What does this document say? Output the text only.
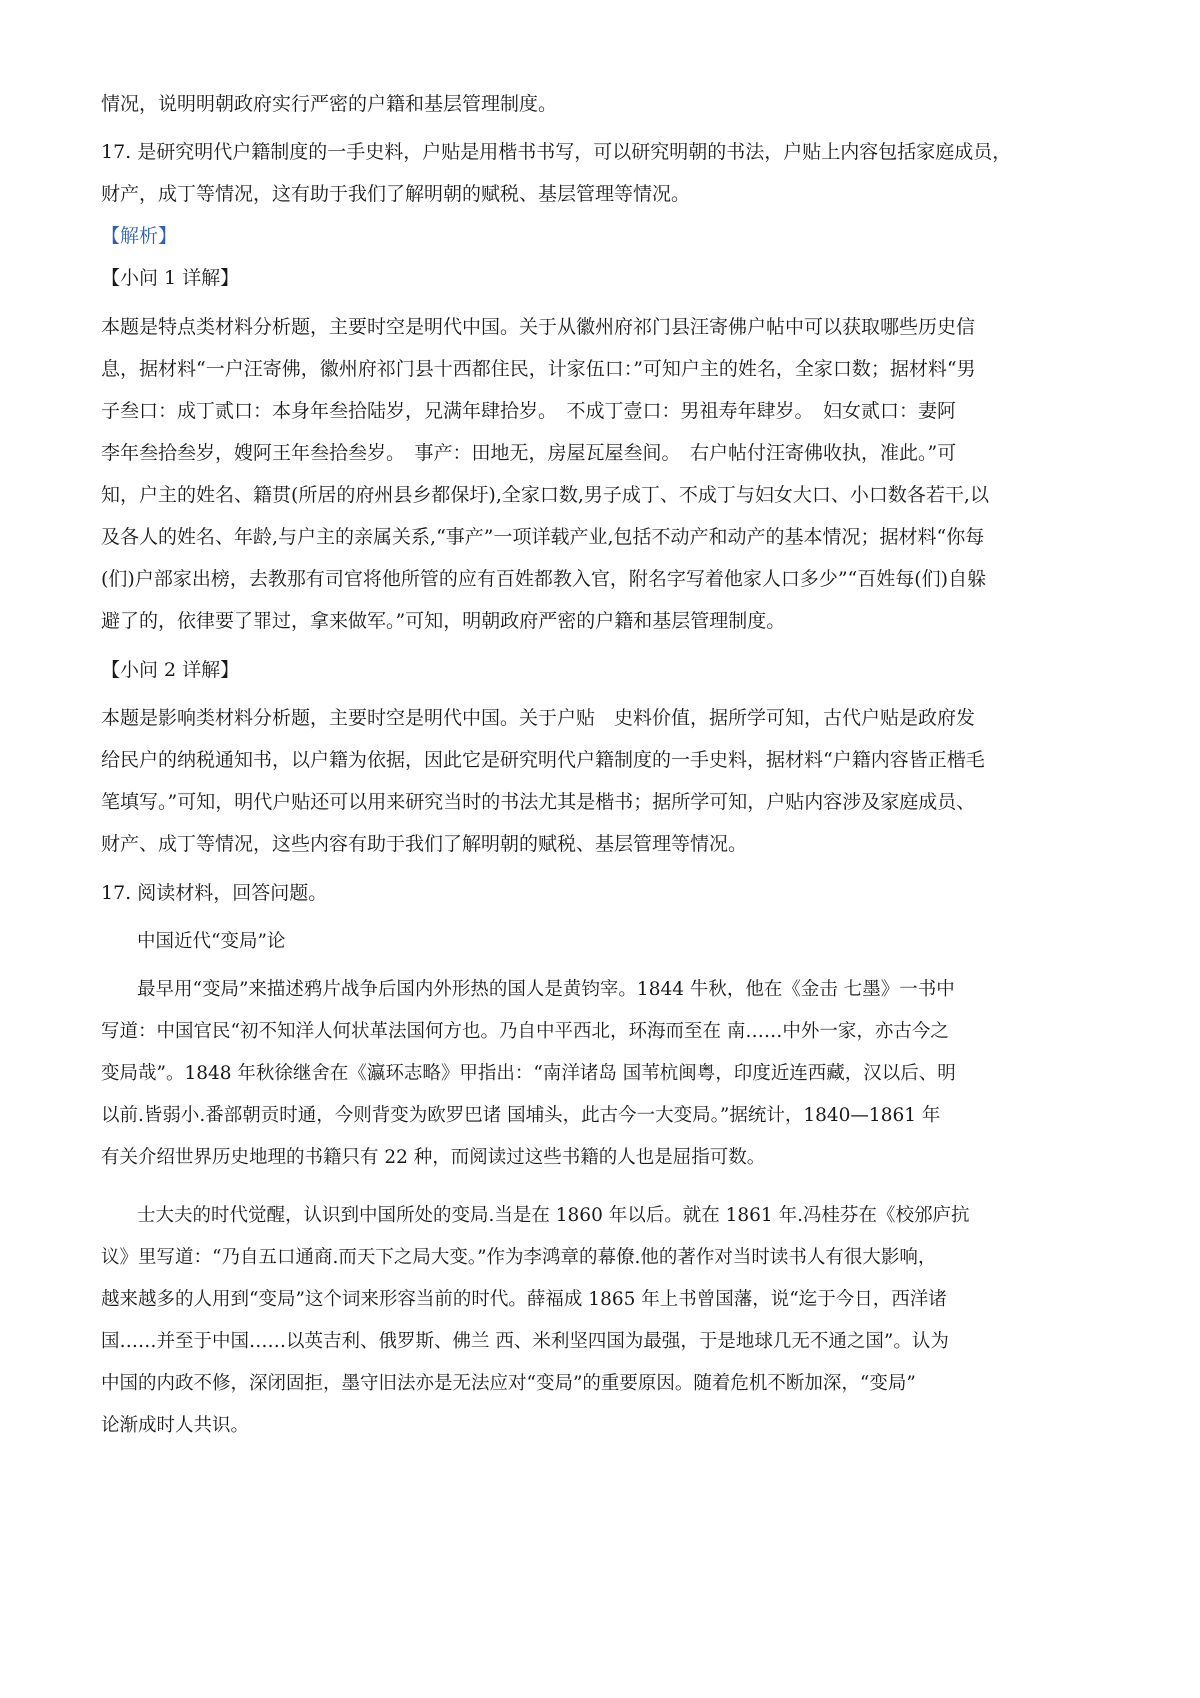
情况，说明明朝政府实行严密的户籍和基层管理制度。
17. 是研究明代户籍制度的一手史料，户贴是用楷书书写，可以研究明朝的书法，户贴上内容包括家庭成员，
财产，成丁等情况，这有助于我们了解明朝的赋税、基层管理等情况。
【解析】
【小问 1 详解】
本题是特点类材料分析题，主要时空是明代中国。关于从徽州府祁门县汪寄佛户帖中可以获取哪些历史信
息，据材料“一户汪寄佛，徽州府祁门县十西都住民，计家伍口：”可知户主的姓名，全家口数；据材料“男
子叁口：成丁贰口：本身年叁拾陆岁，兄满年肆拾岁。　不成丁壹口：男祖寿年肆岁。　妇女贰口：妻阿
李年叁拾叁岁，嫂阿王年叁拾叁岁。　事产：田地无，房屋瓦屋叁间。　右户帖付汪寄佛收执，准此。”可
知，户主的姓名、籍贯(所居的府州县乡都保圩),全家口数,男子成丁、不成丁与妇女大口、小口数各若干,以
及各人的姓名、年龄,与户主的亲属关系,“事产”一项详载产业,包括不动产和动产的基本情况；据材料“你每
(们)户部家出榜，去教那有司官将他所管的应有百姓都教入官，附名字写着他家人口多少”“百姓每(们)自躲
避了的，依律要了罪过，拿来做军。”可知，明朝政府严密的户籍和基层管理制度。
【小问 2 详解】
本题是影响类材料分析题，主要时空是明代中国。关于户贴　史料价值，据所学可知，古代户贴是政府发
给民户的纳税通知书，以户籍为依据，因此它是研究明代户籍制度的一手史料，据材料“户籍内容皆正楷毛
笔填写。”可知，明代户贴还可以用来研究当时的书法尤其是楷书；据所学可知，户贴内容涉及家庭成员、
财产、成丁等情况，这些内容有助于我们了解明朝的赋税、基层管理等情况。
17. 阅读材料，回答问题。
中国近代“变局”论
最早用“变局”来描述鸦片战争后国内外形热的国人是黄钧宰。1844 牛秋，他在《金击 七墨》一书中
写道：中国官民“初不知洋人何状革法国何方也。乃自中平西北，环海而至在 南……中外一家，亦古今之
变局哉”。1848 年秋徐继舍在《瀛环志略》甲指出：“南洋诸岛 国苇杭闽粤，印度近连西藏，汉以后、明
以前.皆弱小.番部朝贡时通，今则背变为欧罗巴诸 国埔头，此古今一大变局。”据统计，1840—1861 年
有关介绍世界历史地理的书籍只有 22 种，而阅读过这些书籍的人也是屈指可数。
士大夫的时代觉醒，认识到中国所处的变局.当是在 1860 年以后。就在 1861 年.冯桂芬在《校邠庐抗
议》里写道：“乃自五口通商.而天下之局大变。”作为李鸿章的幕僚.他的著作对当时读书人有很大影响，
越来越多的人用到“变局”这个词来形容当前的时代。薛福成 1865 年上书曾国藩，说“迄于今日，西洋诸
国……并至于中国……以英吉利、俄罗斯、佛兰 西、米利坚四国为最强，于是地球几无不通之国”。认为
中国的内政不修，深闭固拒，墨守旧法亦是无法应对“变局”的重要原因。随着危机不断加深，“变局”
论渐成时人共识。
